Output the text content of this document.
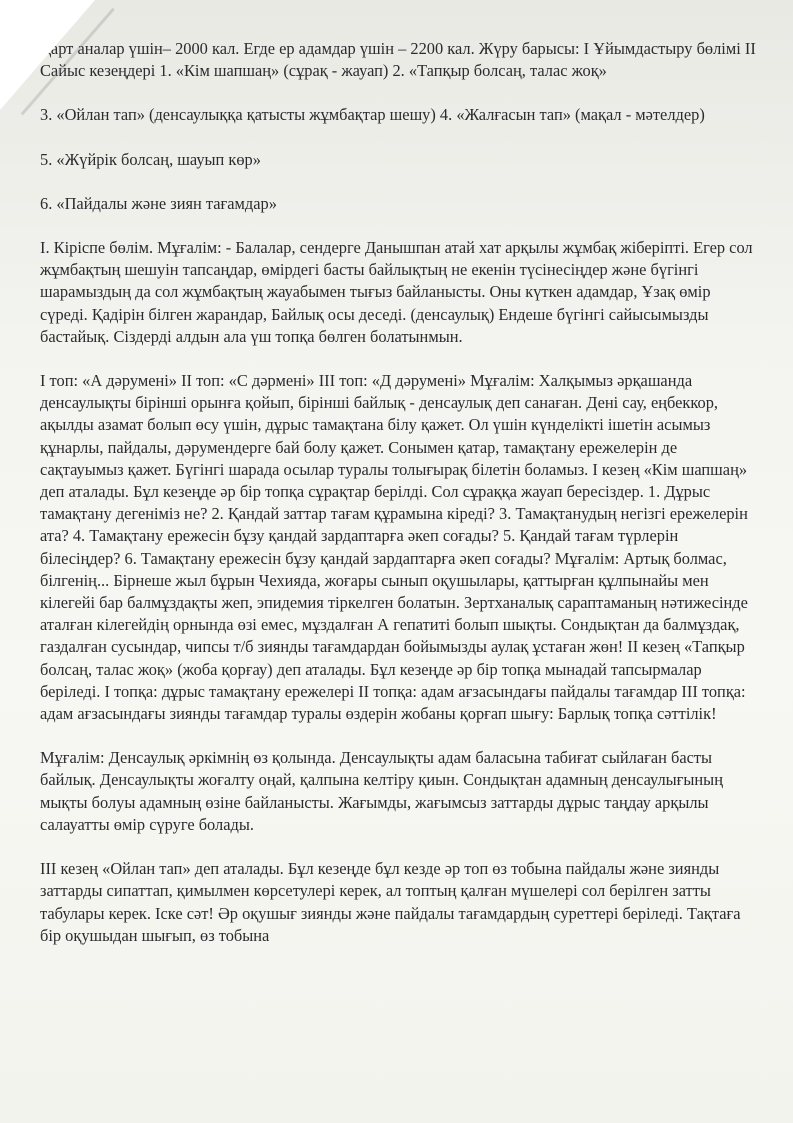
Қарт аналар үшін– 2000 кал. Егде ер адамдар үшін – 2200 кал. Жүру барысы: І Ұйымдастыру бөлімі ІІ Сайыс кезеңдері 1. «Кім шапшаң» (сұрақ - жауап) 2. «Тапқыр болсаң, талас жоқ»

3. «Ойлан тап» (денсаулыққа қатысты жұмбақтар шешу) 4. «Жалғасын тап» (мақал - мәтелдер)

5. «Жүйрік болсаң, шауып көр»

6. «Пайдалы және зиян тағамдар»

І. Кіріспе бөлім. Мұғалім: - Балалар, сендерге Данышпан атай хат арқылы жұмбақ жіберіпті. Егер сол жұмбақтың шешуін тапсаңдар, өмірдегі басты байлықтың не екенін түсінесіңдер және бүгінгі шарамыздың да сол жұмбақтың жауабымен тығыз байланысты. Оны күткен адамдар, Ұзақ өмір сүреді. Қадірін білген жарандар, Байлық осы деседі. (денсаулық) Ендеше бүгінгі сайысымызды бастайық. Сіздерді алдын ала үш топқа бөлген болатынмын.

І топ: «А дәрумені» ІІ топ: «С дәрмені» ІІІ топ: «Д дәрумені» Мұғалім: Халқымыз әрқашанда денсаулықты бірінші орынға қойып, бірінші байлық - денсаулық деп санаған. Дені сау, еңбеккор, ақылды азамат болып өсу үшін, дұрыс тамақтана білу қажет. Ол үшін күнделікті ішетін асымыз құнарлы, пайдалы, дәрумендерге бай болу қажет. Сонымен қатар, тамақтану ережелерін де сақтауымыз қажет. Бүгінгі шарада осылар туралы толығырақ білетін боламыз. І кезең «Кім шапшаң» деп аталады. Бұл кезеңде әр бір топқа сұрақтар берілді. Сол сұраққа жауап бересіздер. 1. Дұрыс тамақтану дегеніміз не? 2. Қандай заттар тағам құрамына кіреді? 3. Тамақтанудың негізгі ережелерін ата? 4. Тамақтану ережесін бұзу қандай зардаптарға әкеп соғады? 5. Қандай тағам түрлерін білесіңдер? 6. Тамақтану ережесін бұзу қандай зардаптарға әкеп соғады? Мұғалім: Артық болмас, білгенің... Бірнеше жыл бұрын Чехияда, жоғары сынып оқушылары, қаттырған құлпынайы мен кілегейі бар балмұздақты жеп, эпидемия тіркелген болатын. Зертханалық сараптаманың нәтижесінде аталған кілегейдің орнында өзі емес, мұздалған А гепатиті болып шықты. Сондықтан да балмұздақ, газдалған сусындар, чипсы т/б зиянды тағамдардан бойымызды аулақ ұстаған жөн! ІІ кезең «Тапқыр болсаң, талас жоқ» (жоба қорғау) деп аталады. Бұл кезеңде әр бір топқа мынадай тапсырмалар беріледі. І топқа: дұрыс тамақтану ережелері ІІ топқа: адам ағзасындағы пайдалы тағамдар ІІІ топқа: адам ағзасындағы зиянды тағамдар туралы өздерін жобаны қорғап шығу: Барлық топқа сәттілік!

Мұғалім: Денсаулық әркімнің өз қолында. Денсаулықты адам баласына табиғат сыйлаған басты байлық. Денсаулықты жоғалту оңай, қалпына келтіру қиын. Сондықтан адамның денсаулығының мықты болуы адамның өзіне байланысты. Жағымды, жағымсыз заттарды дұрыс таңдау арқылы салауатты өмір сүруге болады.

ІІІ кезең «Ойлан тап» деп аталады. Бұл кезеңде бұл кезде әр топ өз тобына пайдалы және зиянды заттарды сипаттап, қимылмен көрсетулері керек, ал топтың қалған мүшелері сол берілген затты табулары керек. Іске сәт! Әр оқушығ зиянды және пайдалы тағамдардың суреттері беріледі. Тақтаға бір оқушыдан шығып, өз тобына
